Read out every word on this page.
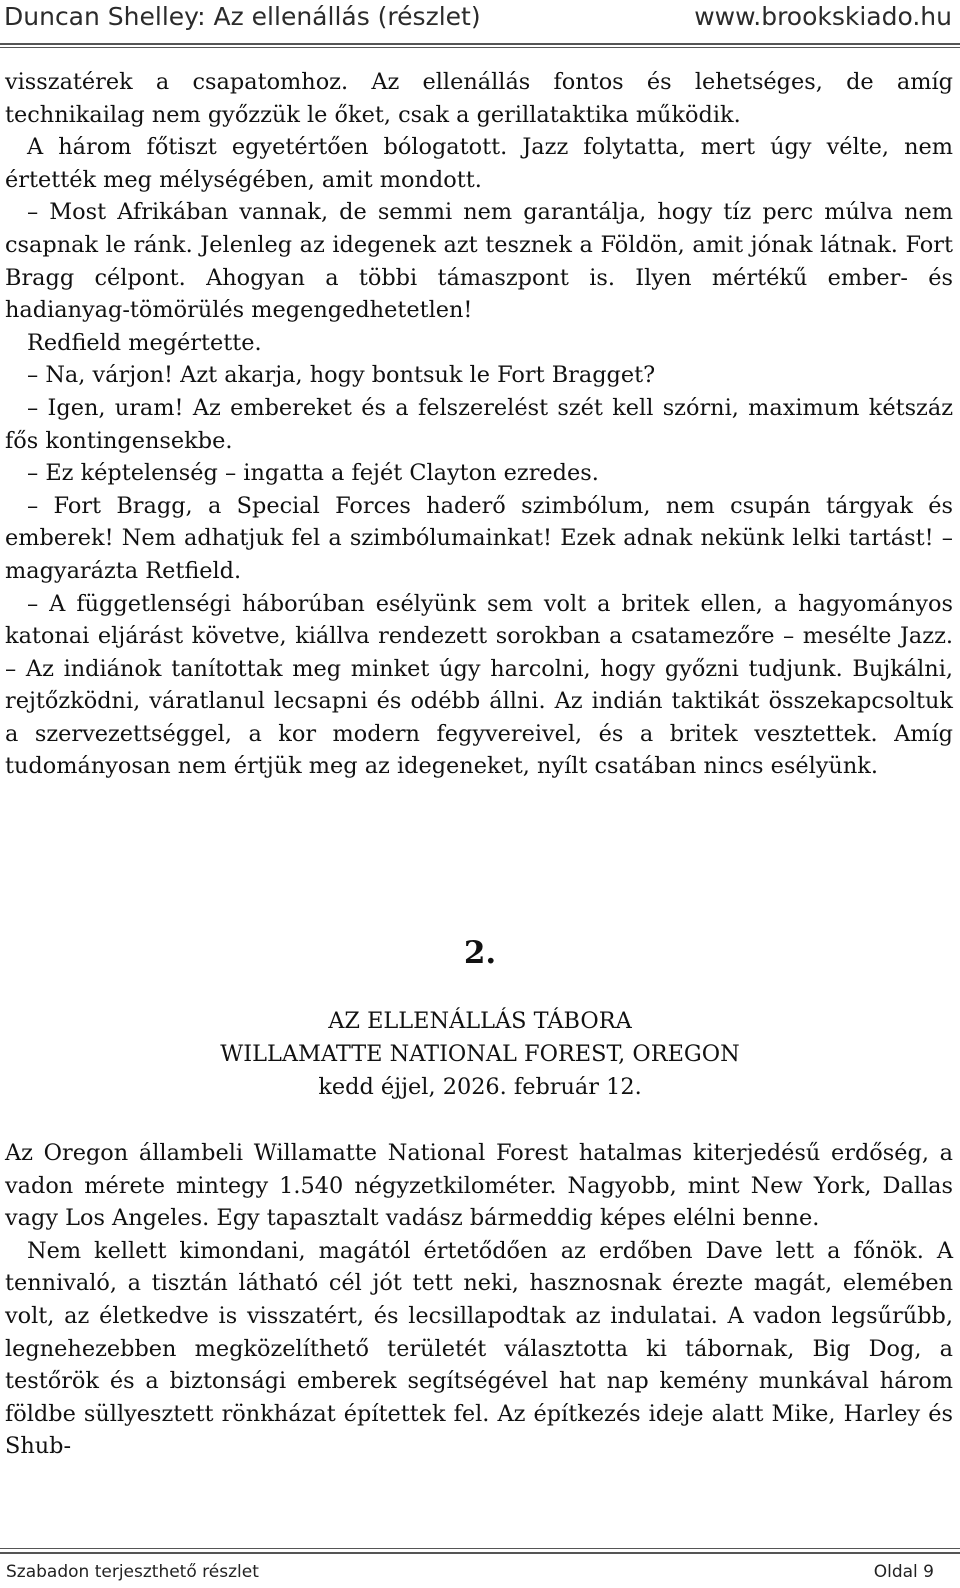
Duncan Shelley: Az ellenállás (részlet)	www.brookskiado.hu

visszatérek a csapatomhoz. Az ellenállás fontos és lehetséges, de amíg technikailag nem győzzük le őket, csak a gerillataktika működik.

A három főtiszt egyetértően bólogatott. Jazz folytatta, mert úgy vélte, nem értették meg mélységében, amit mondott.

– Most Afrikában vannak, de semmi nem garantálja, hogy tíz perc múlva nem csapnak le ránk. Jelenleg az idegenek azt tesznek a Földön, amit jónak látnak. Fort Bragg célpont. Ahogyan a többi támaszpont is. Ilyen mértékű ember- és hadianyag-tömörülés megengedhetetlen!

Redfield megértette.

– Na, várjon! Azt akarja, hogy bontsuk le Fort Bragget?

– Igen, uram! Az embereket és a felszerelést szét kell szórni, maximum kétszáz fős kontingensekbe.

– Ez képtelenség – ingatta a fejét Clayton ezredes.

– Fort Bragg, a Special Forces haderő szimbólum, nem csupán tárgyak és emberek! Nem adhatjuk fel a szimbólumainkat! Ezek adnak nekünk lelki tartást! – magyarázta Retfield.

– A függetlenségi háborúban esélyünk sem volt a britek ellen, a hagyományos katonai eljárást követve, kiállva rendezett sorokban a csatamezőre – mesélte Jazz. – Az indiánok tanítottak meg minket úgy harcolni, hogy győzni tudjunk. Bujkálni, rejtőzködni, váratlanul lecsapni és odébb állni. Az indián taktikát összekapcsoltuk a szervezettséggel, a kor modern fegyvereivel, és a britek vesztettek. Amíg tudományosan nem értjük meg az idegeneket, nyílt csatában nincs esélyünk.

2.
AZ ELLENÁLLÁS TÁBORA
WILLAMATTE NATIONAL FOREST, OREGON
kedd éjjel, 2026. február 12.

Az Oregon állambeli Willamatte National Forest hatalmas kiterjedésű erdőség, a vadon mérete mintegy 1.540 négyzetkilométer. Nagyobb, mint New York, Dallas vagy Los Angeles. Egy tapasztalt vadász bármeddig képes elélni benne.

Nem kellett kimondani, magától értetődően az erdőben Dave lett a főnök. A tennivaló, a tisztán látható cél jót tett neki, hasznosnak érezte magát, elemében volt, az életkedve is visszatért, és lecsillapodtak az indulatai. A vadon legsűrűbb, legnehezebben megközelíthető területét választotta ki tábornak, Big Dog, a testőrök és a biztonsági emberek segítségével hat nap kemény munkával három földbe süllyesztett rönkházat építettek fel. Az építkezés ideje alatt Mike, Harley és Shub-

Szabadon terjeszthető részlet	Oldal 9
